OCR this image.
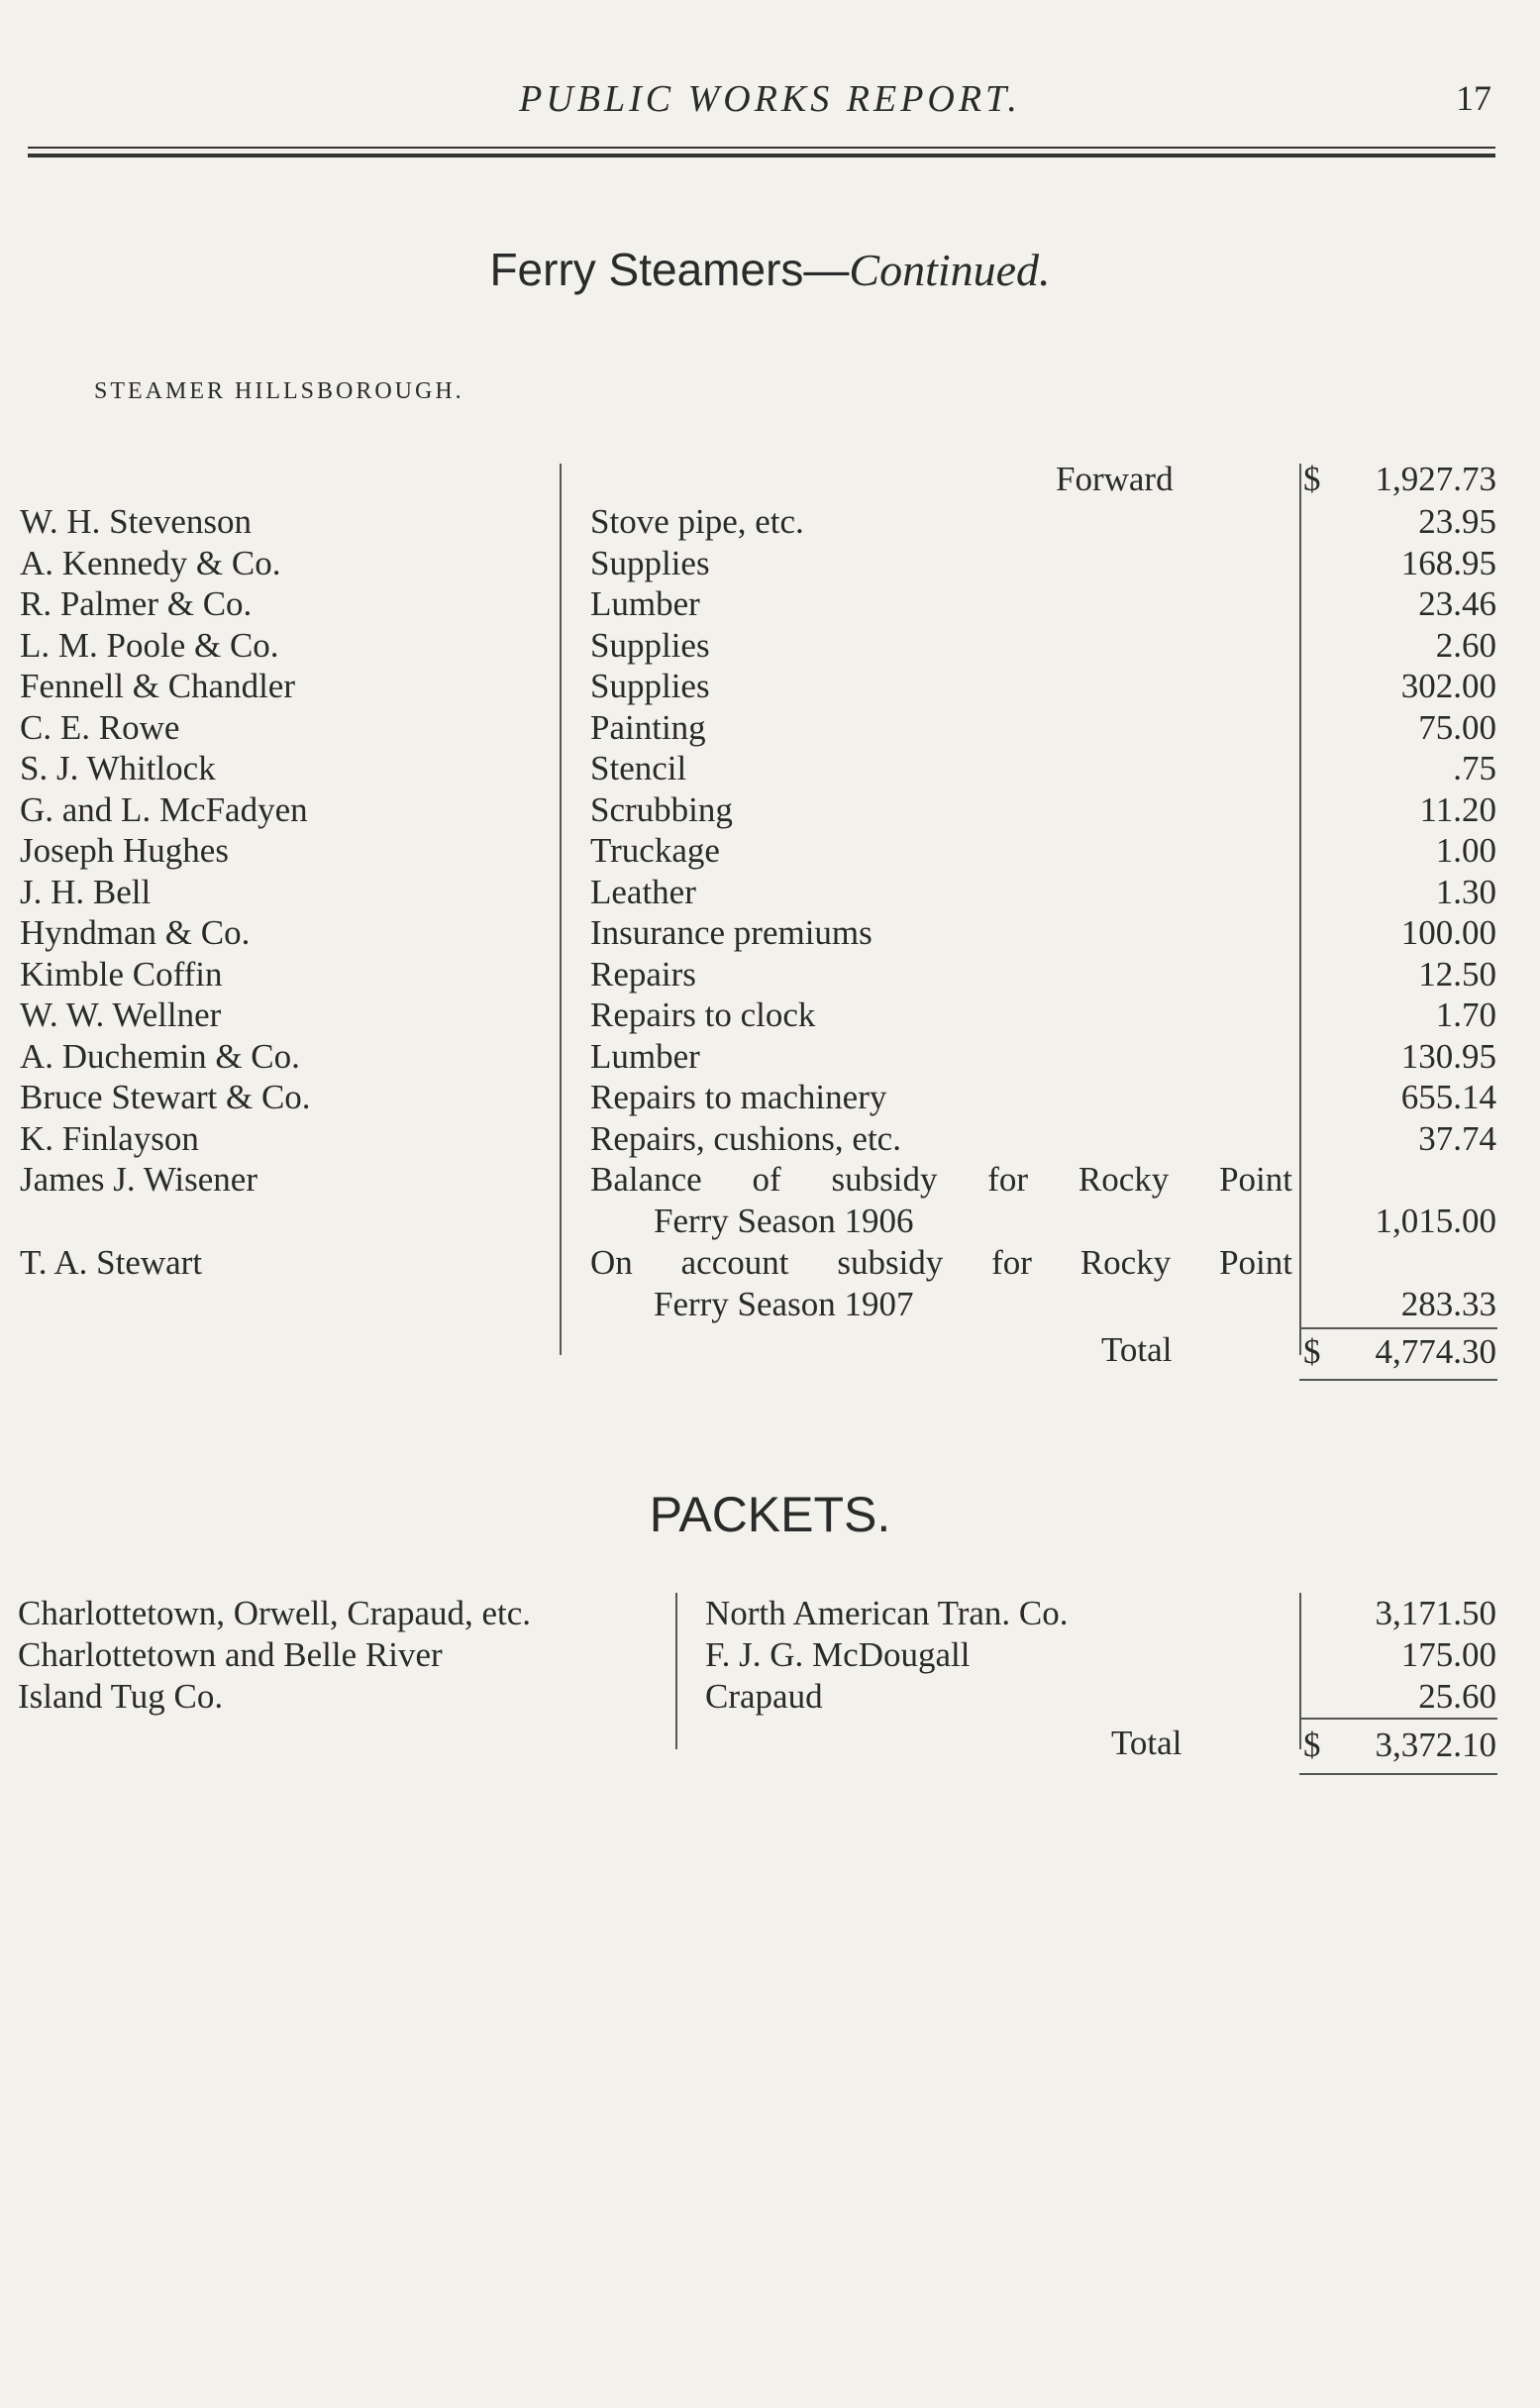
PUBLIC WORKS REPORT.	17
Ferry Steamers—Continued.
STEAMER HILLSBOROUGH.
Forward	$ 1,927.73
W. H. Stevenson	Stove pipe, etc.	23.95
A. Kennedy & Co.	Supplies	168.95
R. Palmer & Co.	Lumber	23.46
L. M. Poole & Co.	Supplies	2.60
Fennell & Chandler	Supplies	302.00
C. E. Rowe	Painting	75.00
S. J. Whitlock	Stencil	.75
G. and L. McFadyen	Scrubbing	11.20
Joseph Hughes	Truckage	1.00
J. H. Bell	Leather	1.30
Hyndman & Co.	Insurance premiums	100.00
Kimble Coffin	Repairs	12.50
W. W. Wellner	Repairs to clock	1.70
A. Duchemin & Co.	Lumber	130.95
Bruce Stewart & Co.	Repairs to machinery	655.14
K. Finlayson	Repairs, cushions, etc.	37.74
James J. Wisener	Balance of subsidy for Rocky Point
Ferry Season 1906	1,015.00
T. A. Stewart	On account subsidy for Rocky Point
Ferry Season 1907	283.33
Total	$ 4,774.30
PACKETS.
Charlottetown, Orwell, Crapaud, etc.	North American Tran. Co.	3,171.50
Charlottetown and Belle River	F. J. G. McDougall	175.00
Island Tug Co.	Crapaud	25.60
Total	$ 3,372.10
